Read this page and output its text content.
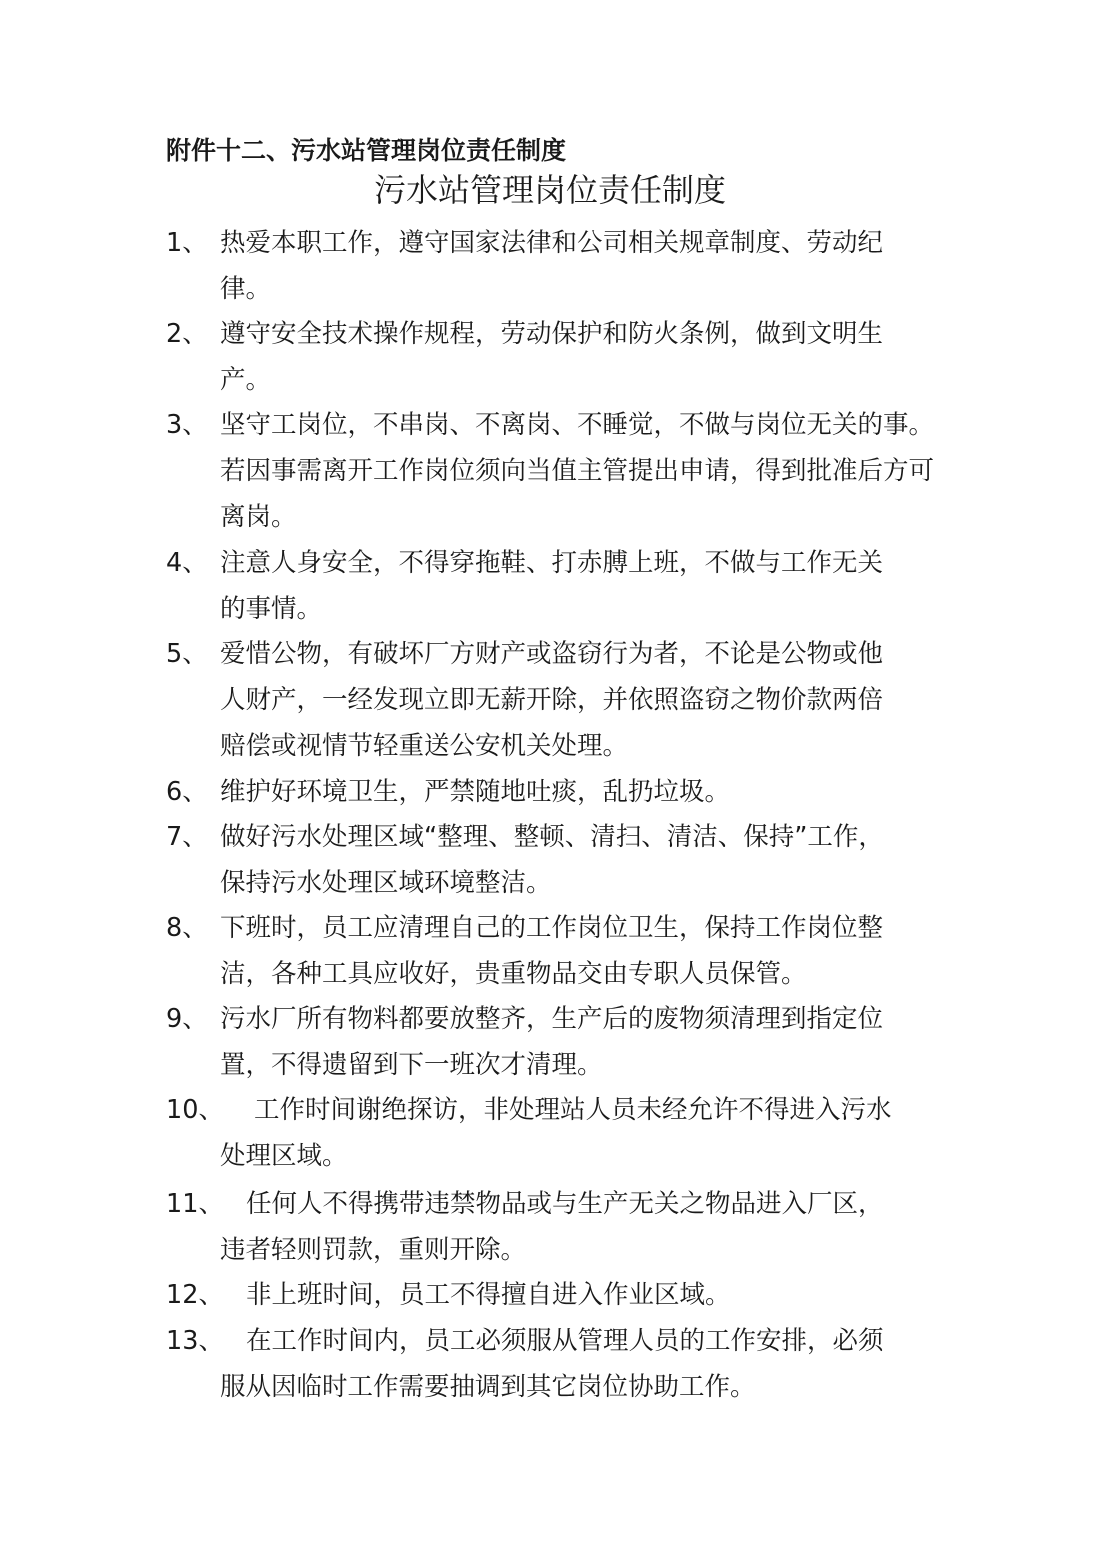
附件十二、污水站管理岗位责任制度
污水站管理岗位责任制度
1、 热爱本职工作，遵守国家法律和公司相关规章制度、劳动纪
律。
2、 遵守安全技术操作规程，劳动保护和防火条例，做到文明生
产。
3、 坚守工岗位，不串岗、不离岗、不睡觉，不做与岗位无关的事。
若因事需离开工作岗位须向当值主管提出申请，得到批准后方可
离岗。
4、 注意人身安全，不得穿拖鞋、打赤膊上班，不做与工作无关
的事情。
5、 爱惜公物，有破坏厂方财产或盗窃行为者，不论是公物或他
人财产，一经发现立即无薪开除，并依照盗窃之物价款两倍
赔偿或视情节轻重送公安机关处理。
6、 维护好环境卫生，严禁随地吐痰，乱扔垃圾。
7、 做好污水处理区域“整理、整顿、清扫、清洁、保持”工作，
保持污水处理区域环境整洁。
8、 下班时，员工应清理自己的工作岗位卫生，保持工作岗位整
洁，各种工具应收好，贵重物品交由专职人员保管。
9、 污水厂所有物料都要放整齐，生产后的废物须清理到指定位
置，不得遗留到下一班次才清理。
10、 工作时间谢绝探访，非处理站人员未经允许不得进入污水
处理区域。
11、 任何人不得携带违禁物品或与生产无关之物品进入厂区，
违者轻则罚款，重则开除。
12、 非上班时间，员工不得擅自进入作业区域。
13、 在工作时间内，员工必须服从管理人员的工作安排，必须
服从因临时工作需要抽调到其它岗位协助工作。
